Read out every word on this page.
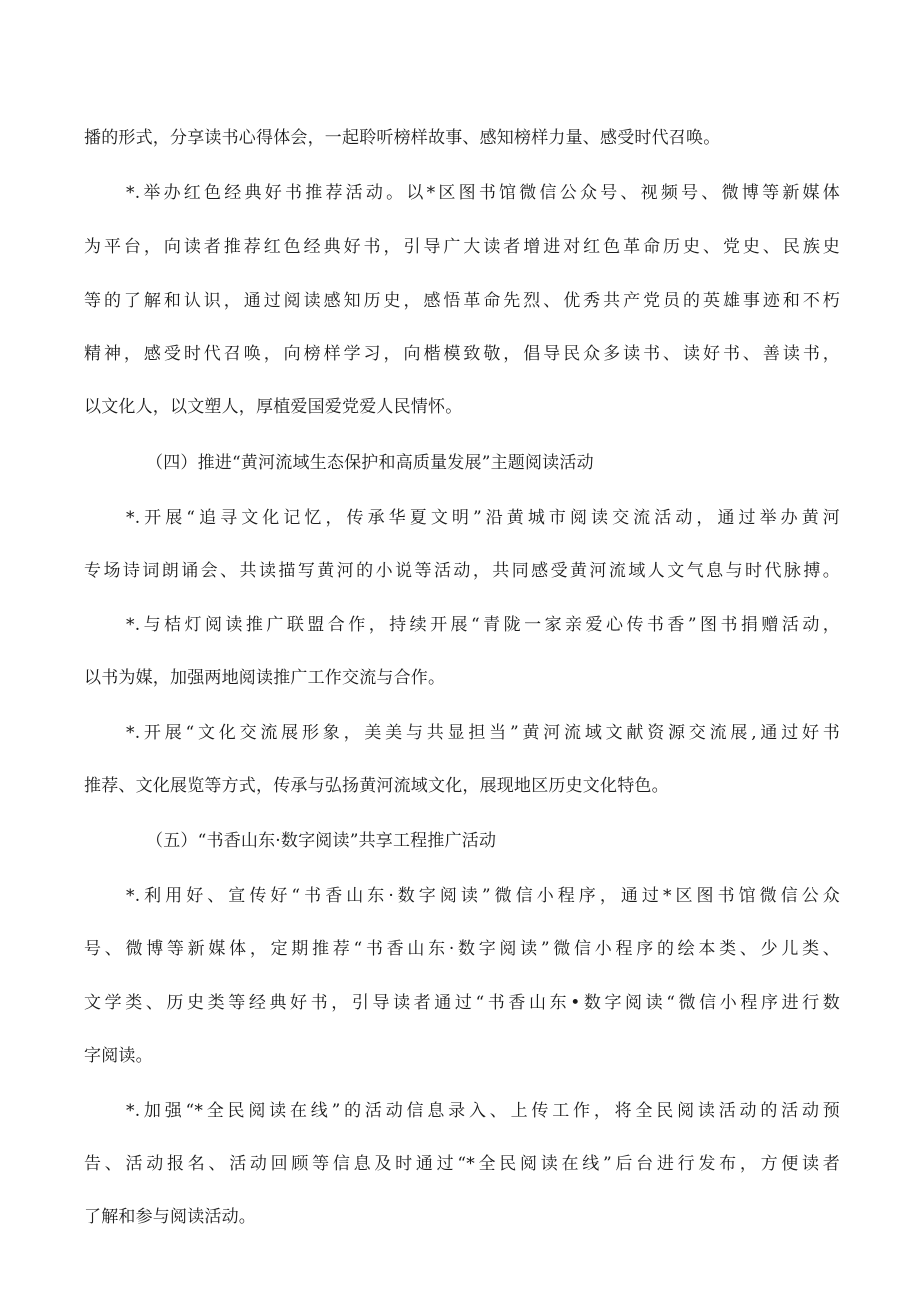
播的形式，分享读书心得体会，一起聆听榜样故事、感知榜样力量、感受时代召唤。
*.举办红色经典好书推荐活动。以*区图书馆微信公众号、视频号、微博等新媒体
为平台，向读者推荐红色经典好书，引导广大读者增进对红色革命历史、党史、民族史
等的了解和认识，通过阅读感知历史，感悟革命先烈、优秀共产党员的英雄事迹和不朽
精神，感受时代召唤，向榜样学习，向楷模致敬，倡导民众多读书、读好书、善读书，
以文化人，以文塑人，厚植爱国爱党爱人民情怀。
（四）推进“黄河流域生态保护和高质量发展”主题阅读活动
*.开展“追寻文化记忆，传承华夏文明”沿黄城市阅读交流活动，通过举办黄河
专场诗词朗诵会、共读描写黄河的小说等活动，共同感受黄河流域人文气息与时代脉搏。
*.与桔灯阅读推广联盟合作，持续开展“青陇一家亲爱心传书香”图书捐赠活动，
以书为媒，加强两地阅读推广工作交流与合作。
*.开展“文化交流展形象，美美与共显担当”黄河流域文献资源交流展,通过好书
推荐、文化展览等方式，传承与弘扬黄河流域文化，展现地区历史文化特色。
（五）“书香山东·数字阅读”共享工程推广活动
*.利用好、宣传好“书香山东·数字阅读”微信小程序，通过*区图书馆微信公众
号、微博等新媒体，定期推荐“书香山东·数字阅读”微信小程序的绘本类、少儿类、
文学类、历史类等经典好书，引导读者通过“书香山东•数字阅读“微信小程序进行数
字阅读。
*.加强“*全民阅读在线”的活动信息录入、上传工作，将全民阅读活动的活动预
告、活动报名、活动回顾等信息及时通过“*全民阅读在线”后台进行发布，方便读者
了解和参与阅读活动。
